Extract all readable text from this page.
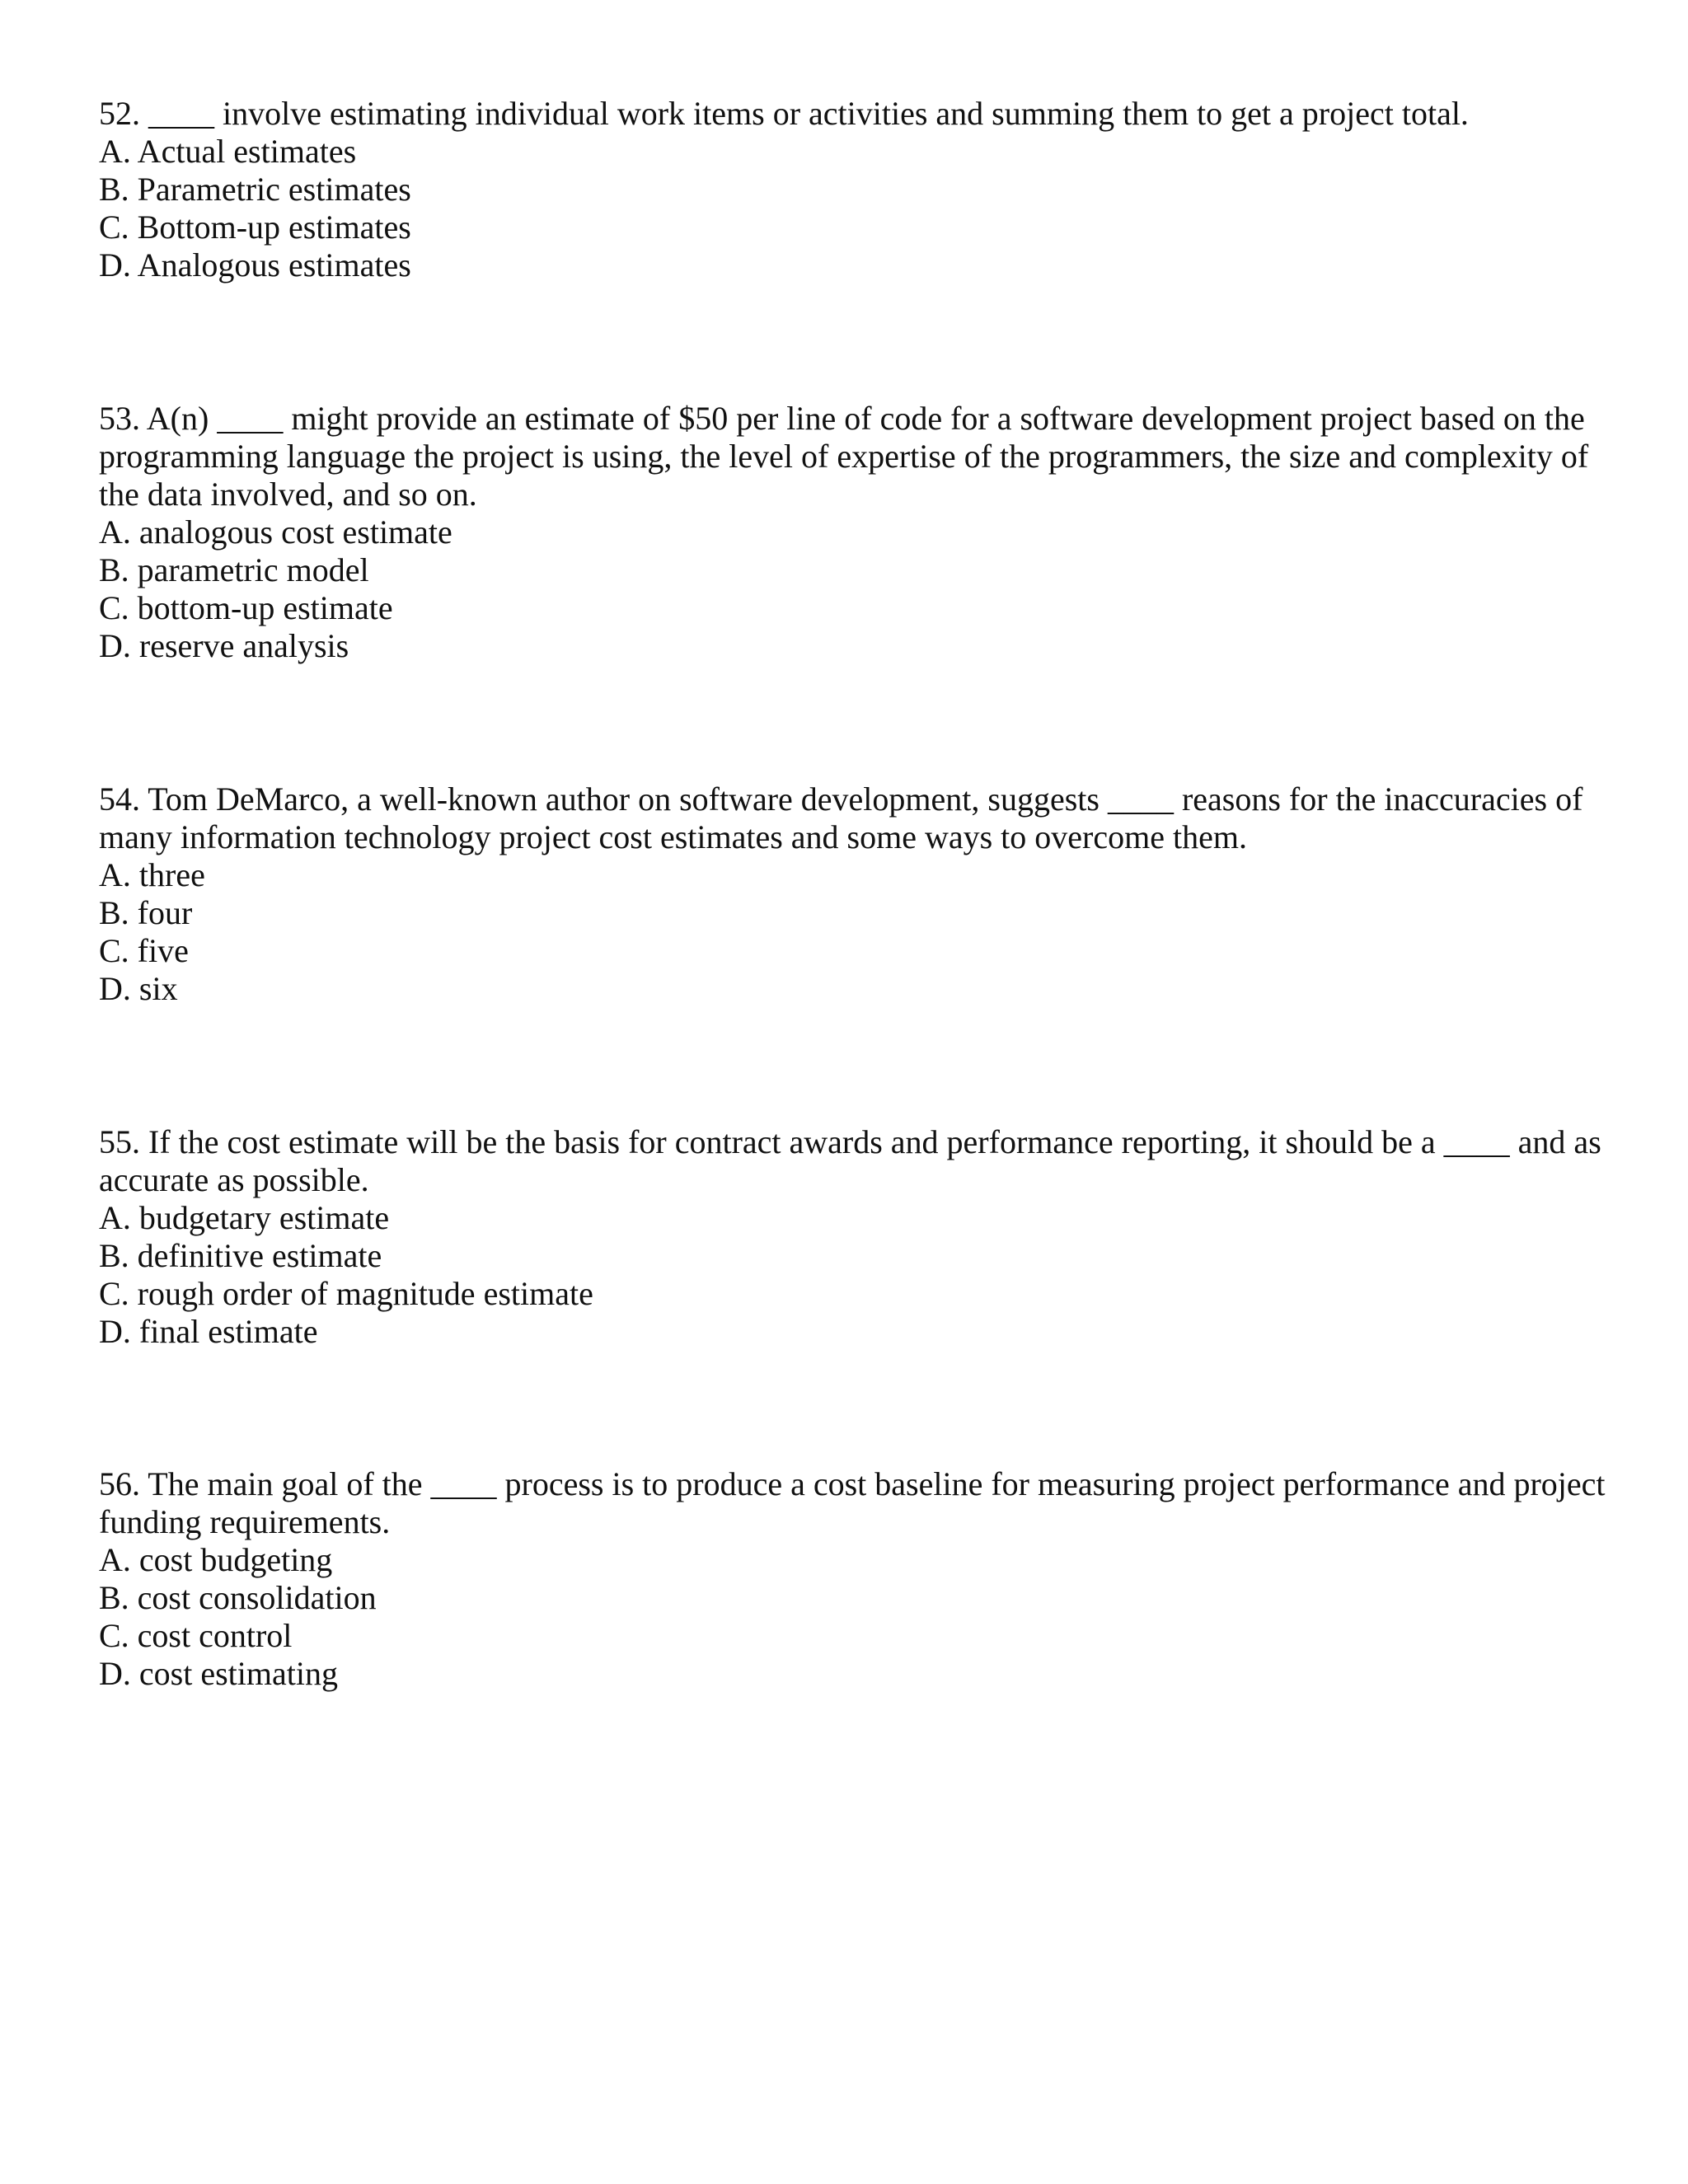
52. ____ involve estimating individual work items or activities and summing them to get a project total.

A. Actual estimates
B. Parametric estimates
C. Bottom-up estimates
D. Analogous estimates

53. A(n) ____ might provide an estimate of $50 per line of code for a software development project based on the programming language the project is using, the level of expertise of the programmers, the size and complexity of the data involved, and so on.

A. analogous cost estimate
B. parametric model
C. bottom-up estimate
D. reserve analysis

54. Tom DeMarco, a well-known author on software development, suggests ____ reasons for the inaccuracies of many information technology project cost estimates and some ways to overcome them.

A. three
B. four
C. five
D. six

55. If the cost estimate will be the basis for contract awards and performance reporting, it should be a ____ and as accurate as possible.

A. budgetary estimate
B. definitive estimate
C. rough order of magnitude estimate
D. final estimate

56. The main goal of the ____ process is to produce a cost baseline for measuring project performance and project funding requirements.

A. cost budgeting
B. cost consolidation
C. cost control
D. cost estimating
